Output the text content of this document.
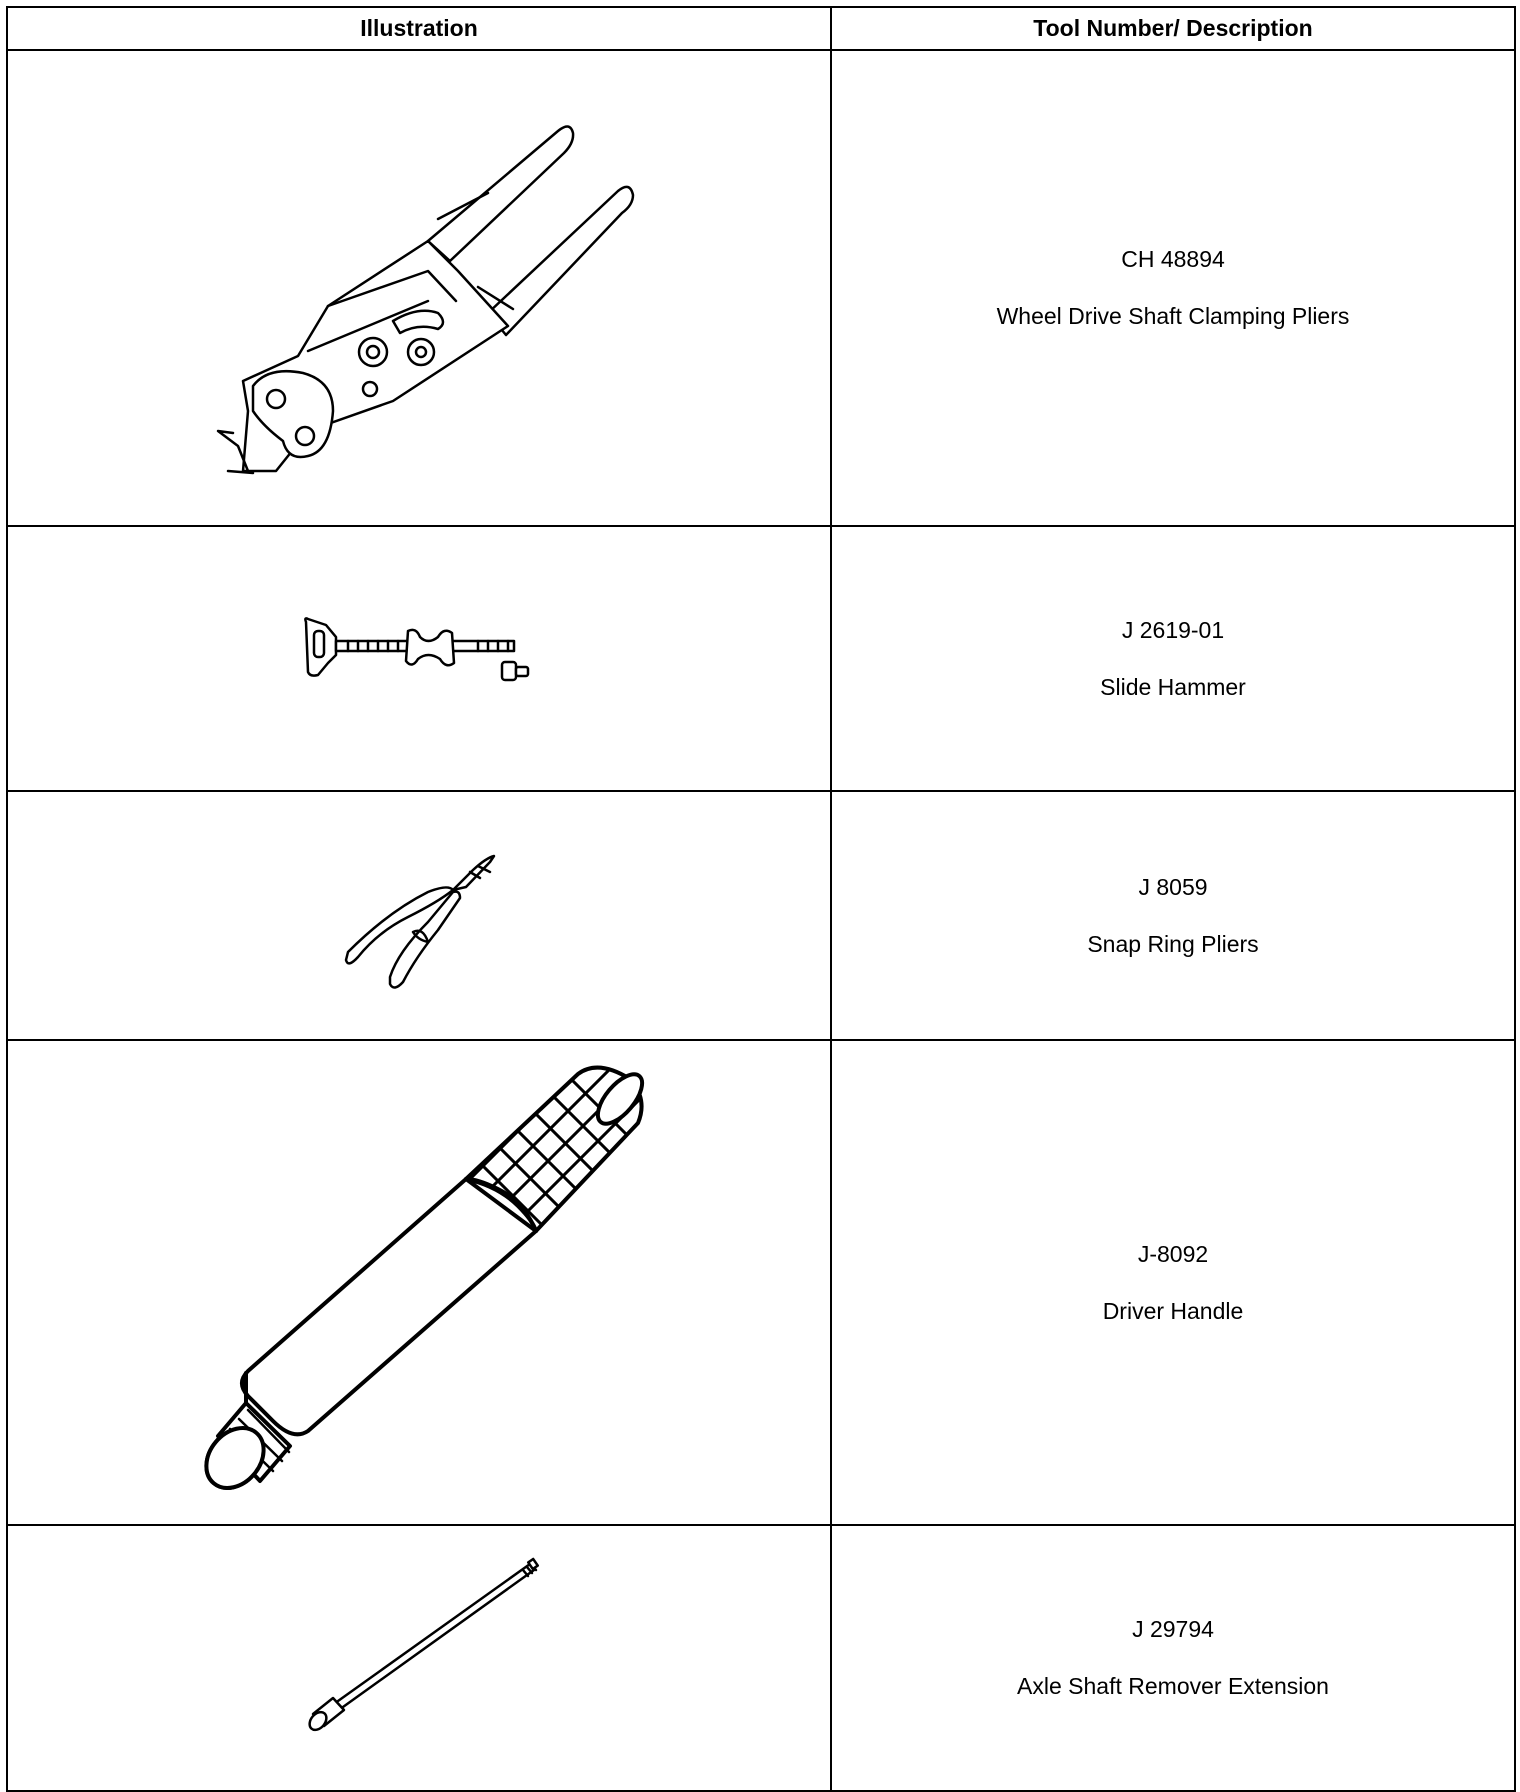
Illustration	Tool Number/ Description

CH 48894
Wheel Drive Shaft Clamping Pliers

J 2619-01
Slide Hammer

J 8059
Snap Ring Pliers

J-8092
Driver Handle

J 29794
Axle Shaft Remover Extension
